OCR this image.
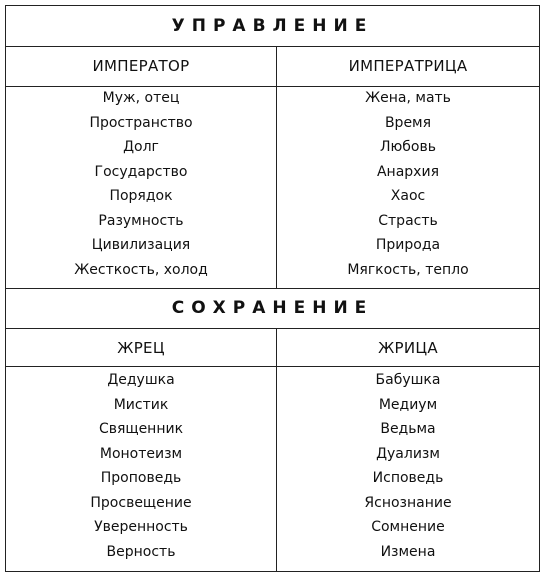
УПРАВЛЕНИЕ
ИМПЕРАТОР	ИМПЕРАТРИЦА
Муж, отец
Пространство
Долг
Государство
Порядок
Разумность
Цивилизация
Жесткость, холод
Жена, мать
Время
Любовь
Анархия
Хаос
Страсть
Природа
Мягкость, тепло
СОХРАНЕНИЕ
ЖРЕЦ	ЖРИЦА
Дедушка
Мистик
Священник
Монотеизм
Проповедь
Просвещение
Уверенность
Верность
Бабушка
Медиум
Ведьма
Дуализм
Исповедь
Яснознание
Сомнение
Измена
